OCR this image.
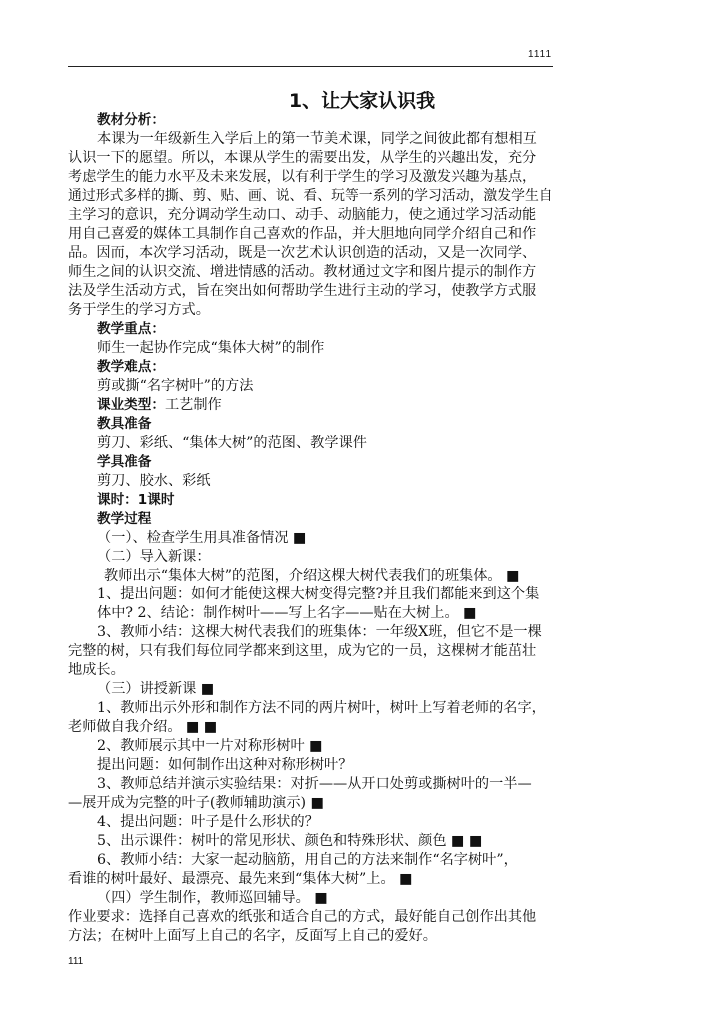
1111
1、让大家认识我
教材分析：
本课为一年级新生入学后上的第一节美术课，同学之间彼此都有想相互
认识一下的愿望。所以，本课从学生的需要出发，从学生的兴趣出发，充分
考虑学生的能力水平及未来发展，以有利于学生的学习及激发兴趣为基点，
通过形式多样的撕、剪、贴、画、说、看、玩等一系列的学习活动，激发学生自
主学习的意识，充分调动学生动口、动手、动脑能力，使之通过学习活动能
用自己喜爱的媒体工具制作自己喜欢的作品，并大胆地向同学介绍自己和作
品。因而，本次学习活动，既是一次艺术认识创造的活动，又是一次同学、
师生之间的认识交流、增进情感的活动。教材通过文字和图片提示的制作方
法及学生活动方式，旨在突出如何帮助学生进行主动的学习，使教学方式服
务于学生的学习方式。
教学重点：
师生一起协作完成“集体大树”的制作
教学难点：
剪或撕“名字树叶”的方法
课业类型：工艺制作
教具准备
剪刀、彩纸、“集体大树”的范图、教学课件
学具准备
剪刀、胶水、彩纸
课时：1课时
教学过程
（一）、检查学生用具准备情况 ■
（二）导入新课：
教师出示“集体大树”的范图，介绍这棵大树代表我们的班集体。 ■
1、提出问题：如何才能使这棵大树变得完整?并且我们都能来到这个集
体中? 2、结论：制作树叶——写上名字——贴在大树上。 ■
3、教师小结：这棵大树代表我们的班集体：一年级X班，但它不是一棵
完整的树，只有我们每位同学都来到这里，成为它的一员，这棵树才能茁壮
地成长。
（三）讲授新课 ■
1、教师出示外形和制作方法不同的两片树叶，树叶上写着老师的名字，
老师做自我介绍。 ■ ■
2、教师展示其中一片对称形树叶 ■
提出问题：如何制作出这种对称形树叶？
3、教师总结并演示实验结果：对折——从开口处剪或撕树叶的一半—
—展开成为完整的叶子(教师辅助演示) ■
4、提出问题：叶子是什么形状的？
5、出示课件：树叶的常见形状、颜色和特殊形状、颜色 ■ ■
6、教师小结：大家一起动脑筋，用自己的方法来制作“名字树叶”，
看谁的树叶最好、最漂亮、最先来到“集体大树”上。 ■
（四）学生制作，教师巡回辅导。 ■
作业要求：选择自己喜欢的纸张和适合自己的方式，最好能自己创作出其他
方法；在树叶上面写上自己的名字，反面写上自己的爱好。
111
